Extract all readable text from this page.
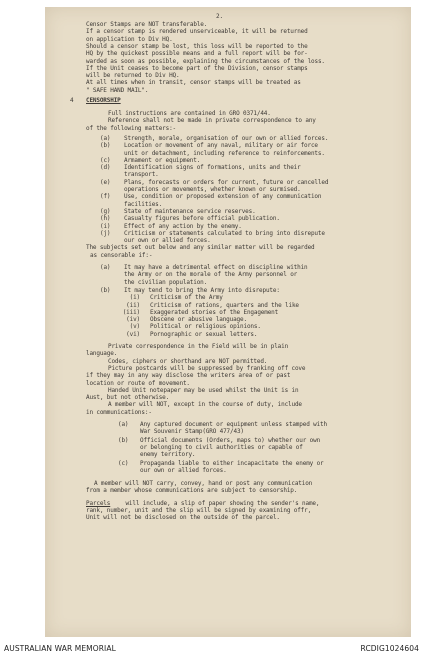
2.

Censor Stamps are NOT transferable.

If a censor stamp is rendered unserviceable, it will be returned

on application to Div HQ.

Should a censor stamp be lost, this loss will be reported to the

HQ by the quickest possible means and a full report will be for-

warded as soon as possible, explaining the circumstances of the loss.

If the Unit ceases to become part of the Division, censor stamps

will be returned to Div HQ.

At all times when in transit, censor stamps will be treated as

" SAFE HAND MAIL".

4 CENSORSHIP

Full instructions are contained in GRO 0371/44.

Reference shall not be made in private correspondence to any

of the following matters:-

(a) Strength, morale, organisation of our own or allied forces.

(b) Location or movement of any naval, military or air force

unit or detachment, including reference to reinforcements.

(c) Armament or equipment.

(d) Identification signs of formations, units and their

transport.

(e) Plans, forecasts or orders for current, future or cancelled

operations or movements, whether known or surmised.

(f) Use, condition or proposed extension of any communication

facilities.

(g) State of maintenance service reserves.

(h) Casualty figures before official publication.

(i) Effect of any action by the enemy.

(j) Criticism or statements calculated to bring into disrepute

our own or allied forces.

The subjects set out below and any similar matter will be regarded

as censorable if:-

(a) It may have a detrimental effect on discipline within

the Army or on the morale of the Army personnel or

the civilian population.

(b) It may tend to bring the Army into disrepute:

(i) Criticism of the Army

(ii) Criticism of rations, quarters and the like

(iii) Exaggerated stories of the Engagement

(iv) Obscene or abusive language.

(v) Political or religious opinions.

(vi) Pornographic or sexual letters.

Private correspondence in the Field will be in plain

language.

Codes, ciphers or shorthand are NOT permitted.

Picture postcards will be suppressed by franking off cove

if they may in any way disclose the writers area of or past

location or route of movement.

Handed Unit notepaper may be used whilst the Unit is in

Aust, but not otherwise.

A member will NOT, except in the course of duty, include

in communications:-

(a) Any captured document or equipment unless stamped with

War Souvenir Stamp(GRO 477/43)

(b) Official documents (Orders, maps to) whether our own

or belonging to civil authorities or capable of

enemy territory.

(c) Propaganda liable to either incapacitate the enemy or

our own or allied forces.

A member will NOT carry, convey, hand or post any communication

from a member whose communications are subject to censorship.

Parcels will include, a slip of paper showing the sender's name,

rank, number, unit and the slip will be signed by examining offr,

Unit will not be disclosed on the outside of the parcel.

AUSTRALIAN WAR MEMORIAL	RCDIG1024604
